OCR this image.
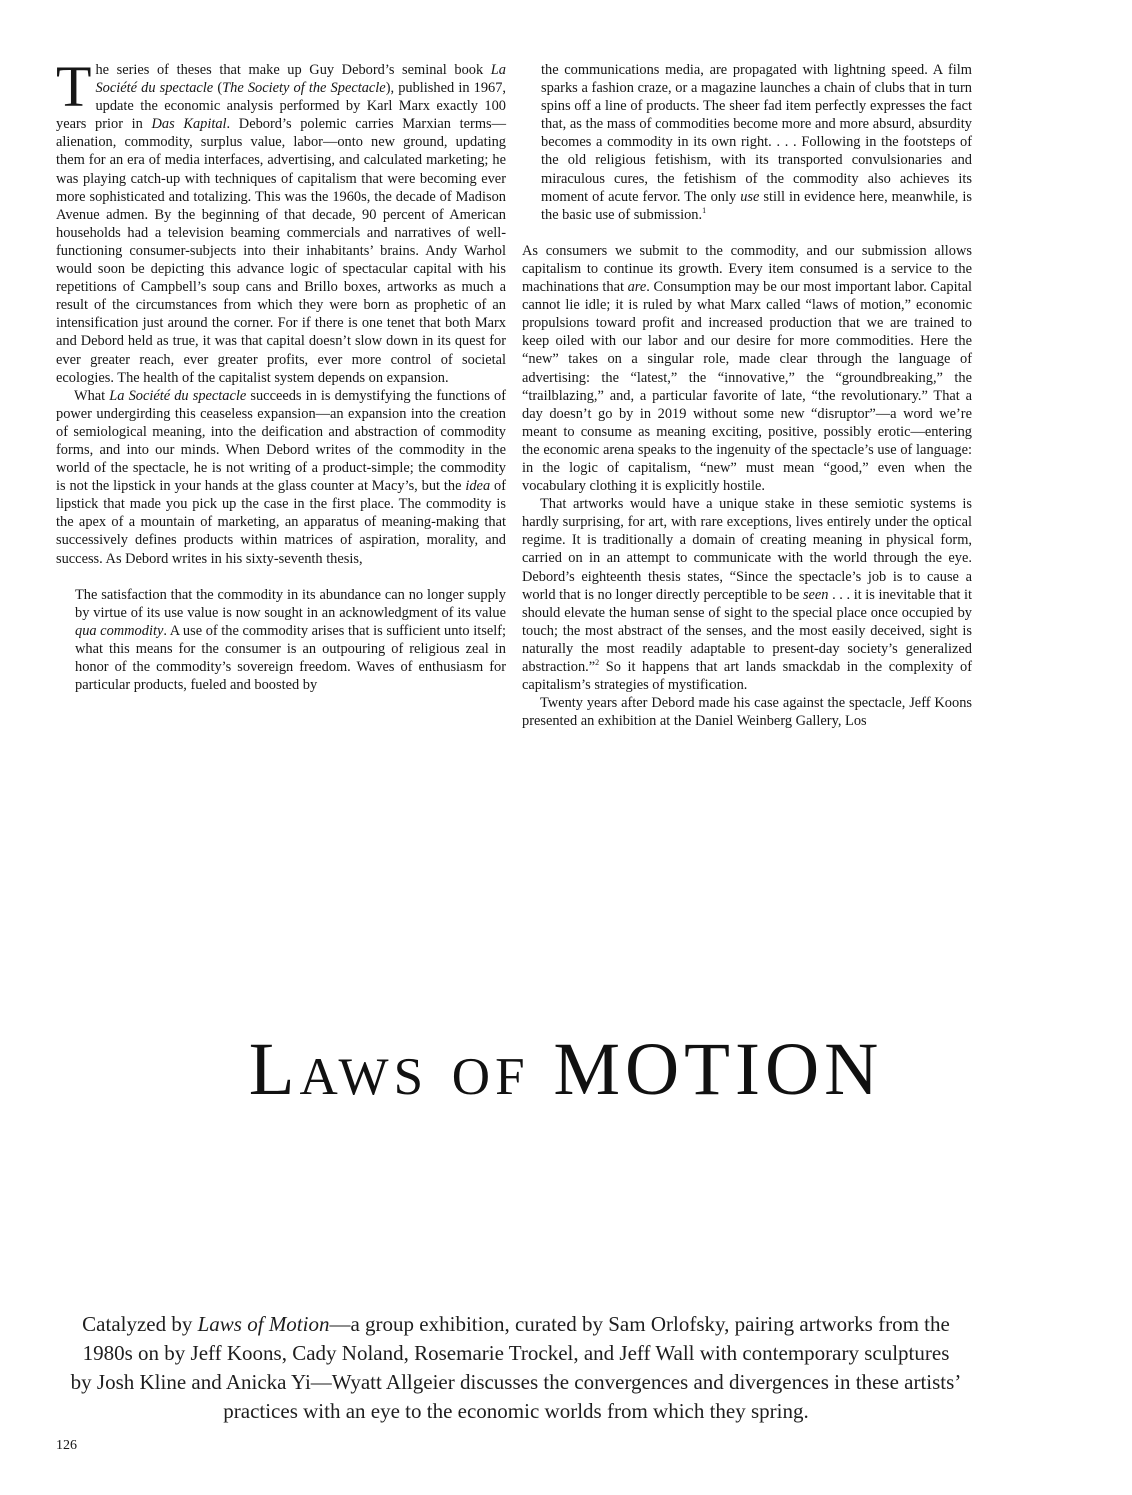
The series of theses that make up Guy Debord’s seminal book La Société du spectacle (The Society of the Spectacle), published in 1967, update the economic analysis performed by Karl Marx exactly 100 years prior in Das Kapital. Debord’s polemic carries Marxian terms—alienation, commodity, surplus value, labor—onto new ground, updating them for an era of media interfaces, advertising, and calculated marketing; he was playing catch-up with techniques of capitalism that were becoming ever more sophisticated and totalizing. This was the 1960s, the decade of Madison Avenue admen. By the beginning of that decade, 90 percent of American households had a television beaming commercials and narratives of well-functioning consumer-subjects into their inhabitants’ brains. Andy Warhol would soon be depicting this advance logic of spectacular capital with his repetitions of Campbell’s soup cans and Brillo boxes, artworks as much a result of the circumstances from which they were born as prophetic of an intensification just around the corner. For if there is one tenet that both Marx and Debord held as true, it was that capital doesn’t slow down in its quest for ever greater reach, ever greater profits, ever more control of societal ecologies. The health of the capitalist system depends on expansion.

What La Société du spectacle succeeds in is demystifying the functions of power undergirding this ceaseless expansion—an expansion into the creation of semiological meaning, into the deification and abstraction of commodity forms, and into our minds. When Debord writes of the commodity in the world of the spectacle, he is not writing of a product-simple; the commodity is not the lipstick in your hands at the glass counter at Macy’s, but the idea of lipstick that made you pick up the case in the first place. The commodity is the apex of a mountain of marketing, an apparatus of meaning-making that successively defines products within matrices of aspiration, morality, and success. As Debord writes in his sixty-seventh thesis,

The satisfaction that the commodity in its abundance can no longer supply by virtue of its use value is now sought in an acknowledgment of its value qua commodity. A use of the commodity arises that is sufficient unto itself; what this means for the consumer is an outpouring of religious zeal in honor of the commodity’s sovereign freedom. Waves of enthusiasm for particular products, fueled and boosted by

the communications media, are propagated with lightning speed. A film sparks a fashion craze, or a magazine launches a chain of clubs that in turn spins off a line of products. The sheer fad item perfectly expresses the fact that, as the mass of commodities become more and more absurd, absurdity becomes a commodity in its own right. . . . Following in the footsteps of the old religious fetishism, with its transported convulsionaries and miraculous cures, the fetishism of the commodity also achieves its moment of acute fervor. The only use still in evidence here, meanwhile, is the basic use of submission.$^1$

As consumers we submit to the commodity, and our submission allows capitalism to continue its growth. Every item consumed is a service to the machinations that are. Consumption may be our most important labor. Capital cannot lie idle; it is ruled by what Marx called “laws of motion,” economic propulsions toward profit and increased production that we are trained to keep oiled with our labor and our desire for more commodities. Here the “new” takes on a singular role, made clear through the language of advertising: the “latest,” the “innovative,” the “groundbreaking,” the “trailblazing,” and, a particular favorite of late, “the revolutionary.” That a day doesn’t go by in 2019 without some new “disruptor”—a word we’re meant to consume as meaning exciting, positive, possibly erotic—entering the economic arena speaks to the ingenuity of the spectacle’s use of language: in the logic of capitalism, “new” must mean “good,” even when the vocabulary clothing it is explicitly hostile.

That artworks would have a unique stake in these semiotic systems is hardly surprising, for art, with rare exceptions, lives entirely under the optical regime. It is traditionally a domain of creating meaning in physical form, carried on in an attempt to communicate with the world through the eye. Debord’s eighteenth thesis states, “Since the spectacle’s job is to cause a world that is no longer directly perceptible to be seen . . . it is inevitable that it should elevate the human sense of sight to the special place once occupied by touch; the most abstract of the senses, and the most easily deceived, sight is naturally the most readily adaptable to present-day society’s generalized abstraction.”$^2$ So it happens that art lands smackdab in the complexity of capitalism’s strategies of mystification.

Twenty years after Debord made his case against the spectacle, Jeff Koons presented an exhibition at the Daniel Weinberg Gallery, Los

Laws of MOTION

Catalyzed by Laws of Motion—a group exhibition, curated by Sam Orlofsky, pairing artworks from the 1980s on by Jeff Koons, Cady Noland, Rosemarie Trockel, and Jeff Wall with contemporary sculptures by Josh Kline and Anicka Yi—Wyatt Allgeier discusses the convergences and divergences in these artists’ practices with an eye to the economic worlds from which they spring.

126
